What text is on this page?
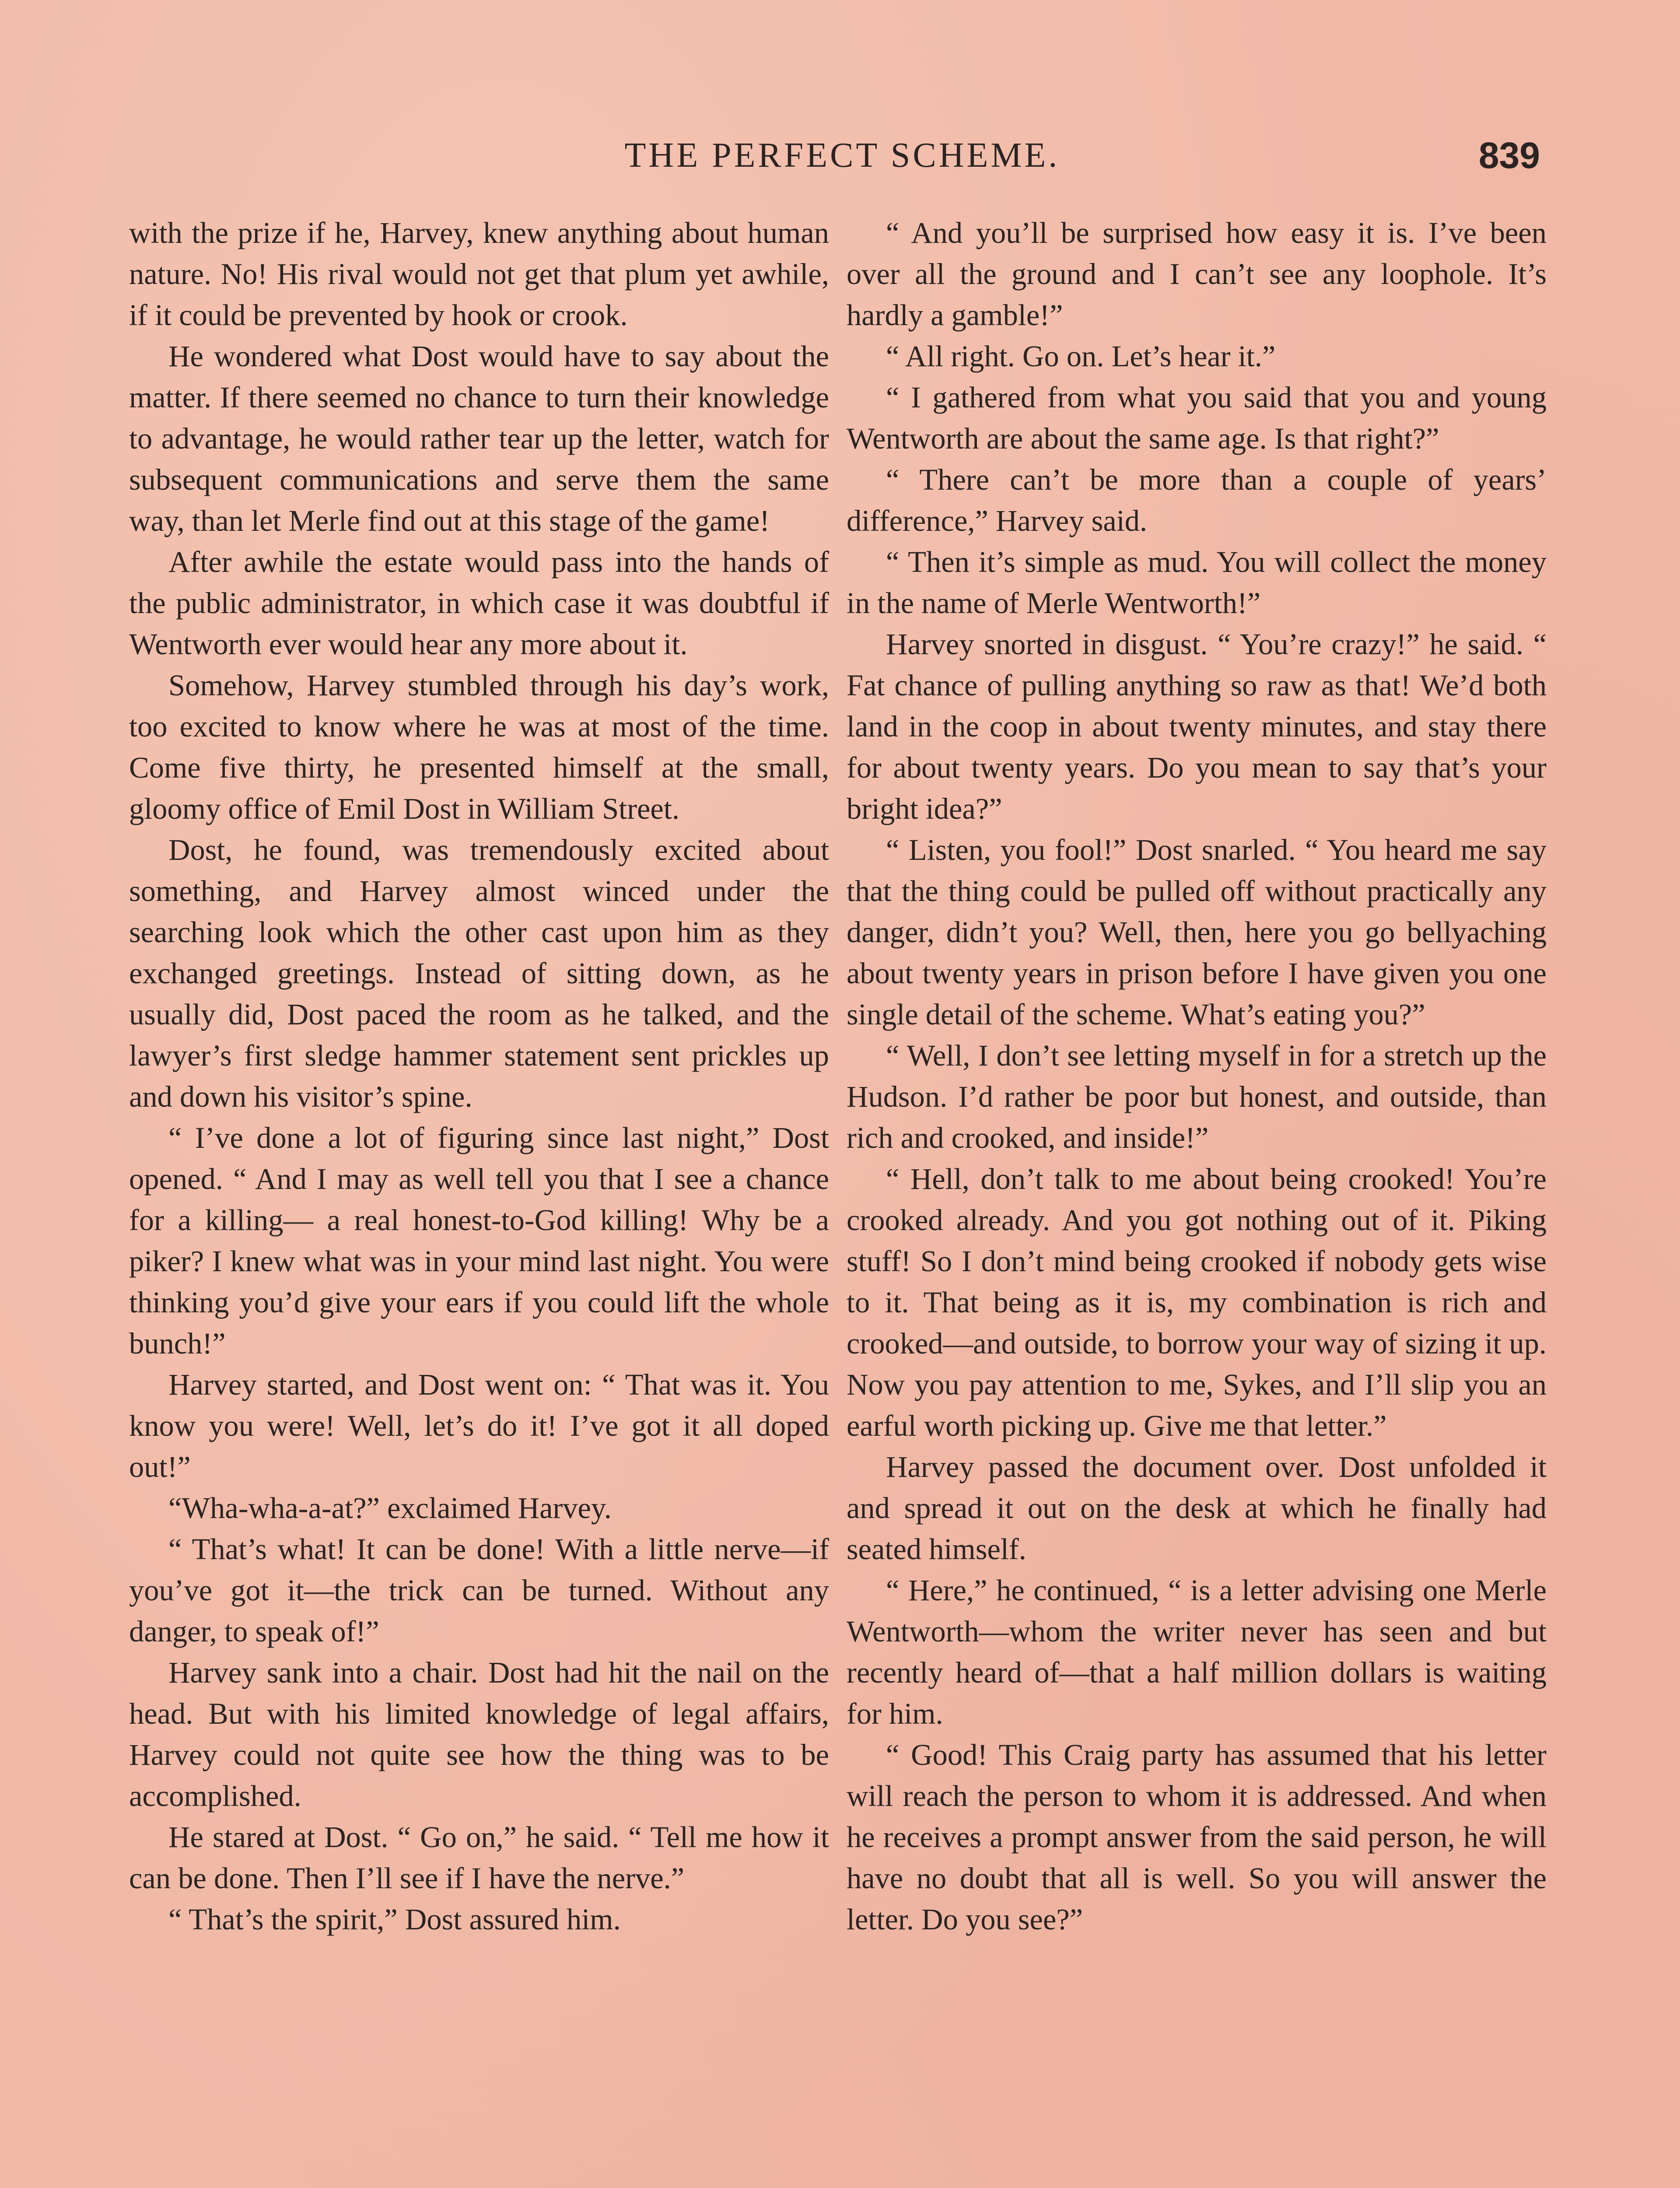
THE PERFECT SCHEME.	839

with the prize if he, Harvey, knew anything about human nature. No! His rival would not get that plum yet awhile, if it could be prevented by hook or crook.

He wondered what Dost would have to say about the matter. If there seemed no chance to turn their knowledge to advantage, he would rather tear up the letter, watch for subsequent communications and serve them the same way, than let Merle find out at this stage of the game!

After awhile the estate would pass into the hands of the public administrator, in which case it was doubtful if Wentworth ever would hear any more about it.

Somehow, Harvey stumbled through his day’s work, too excited to know where he was at most of the time. Come five thirty, he presented himself at the small, gloomy office of Emil Dost in William Street.

Dost, he found, was tremendously excited about something, and Harvey almost winced under the searching look which the other cast upon him as they exchanged greetings. Instead of sitting down, as he usually did, Dost paced the room as he talked, and the lawyer’s first sledge hammer statement sent prickles up and down his visitor’s spine.

“ I’ve done a lot of figuring since last night,” Dost opened. “ And I may as well tell you that I see a chance for a killing— a real honest-to-God killing! Why be a piker? I knew what was in your mind last night. You were thinking you’d give your ears if you could lift the whole bunch!”

Harvey started, and Dost went on: “ That was it. You know you were! Well, let’s do it! I’ve got it all doped out!”

“Wha-wha-a-at?” exclaimed Harvey.

“ That’s what! It can be done! With a little nerve—if you’ve got it—the trick can be turned. Without any danger, to speak of!”

Harvey sank into a chair. Dost had hit the nail on the head. But with his limited knowledge of legal affairs, Harvey could not quite see how the thing was to be accomplished.

He stared at Dost. “ Go on,” he said. “ Tell me how it can be done. Then I’ll see if I have the nerve.”

“ That’s the spirit,” Dost assured him.

“ And you’ll be surprised how easy it is. I’ve been over all the ground and I can’t see any loophole. It’s hardly a gamble!”

“ All right. Go on. Let’s hear it.”

“ I gathered from what you said that you and young Wentworth are about the same age. Is that right?”

“ There can’t be more than a couple of years’ difference,” Harvey said.

“ Then it’s simple as mud. You will collect the money in the name of Merle Wentworth!”

Harvey snorted in disgust. “ You’re crazy!” he said. “ Fat chance of pulling anything so raw as that! We’d both land in the coop in about twenty minutes, and stay there for about twenty years. Do you mean to say that’s your bright idea?”

“ Listen, you fool!” Dost snarled. “ You heard me say that the thing could be pulled off without practically any danger, didn’t you? Well, then, here you go bellyaching about twenty years in prison before I have given you one single detail of the scheme. What’s eating you?”

“ Well, I don’t see letting myself in for a stretch up the Hudson. I’d rather be poor but honest, and outside, than rich and crooked, and inside!”

“ Hell, don’t talk to me about being crooked! You’re crooked already. And you got nothing out of it. Piking stuff! So I don’t mind being crooked if nobody gets wise to it. That being as it is, my combination is rich and crooked—and outside, to borrow your way of sizing it up. Now you pay attention to me, Sykes, and I’ll slip you an earful worth picking up. Give me that letter.”

Harvey passed the document over. Dost unfolded it and spread it out on the desk at which he finally had seated himself.

“ Here,” he continued, “ is a letter advising one Merle Wentworth—whom the writer never has seen and but recently heard of—that a half million dollars is waiting for him.

“ Good! This Craig party has assumed that his letter will reach the person to whom it is addressed. And when he receives a prompt answer from the said person, he will have no doubt that all is well. So you will answer the letter. Do you see?”
